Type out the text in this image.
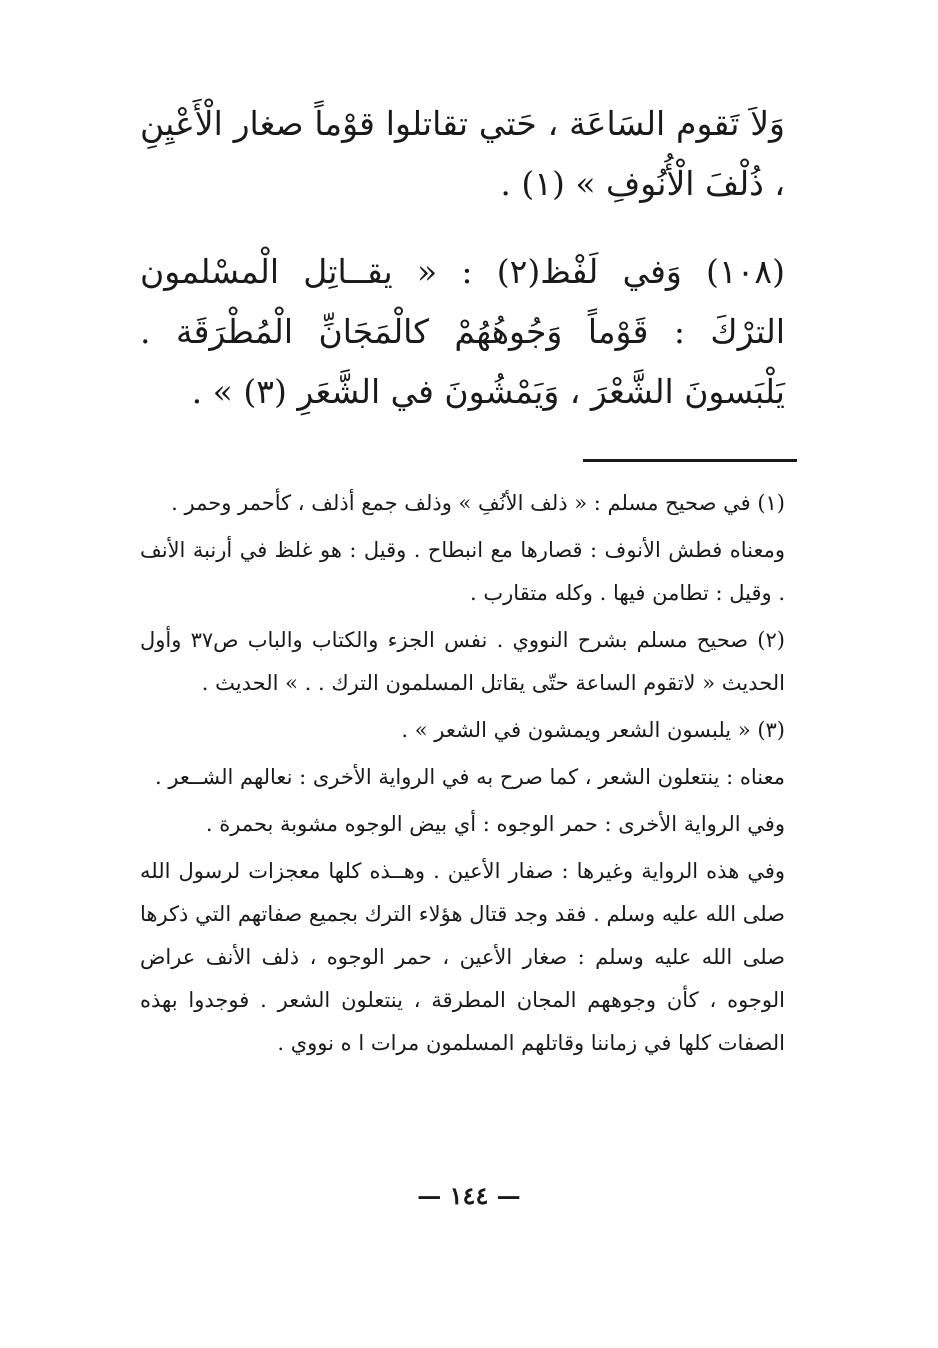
وَلاَ تَقوم السَاعَة ، حَتي تقاتلوا قوْماً صغار الْأَعْيِنِ ، ذُلْفَ الْأُنُوفِ » (١) .

(١٠٨) وَفي لَفْظ(٢) : « يقــاتِل الْمسْلمون الترْكَ : قَوْماً وَجُوهُهُمْ كالْمَجَانِّ الْمُطْرَقَة . يَلْبَسونَ الشَّعْرَ ، وَيَمْشُونَ في الشَّعَرِ (٣) » .

(١) في صحيح مسلم : « ذلف الأنُفِ » وذلف جمع أذلف ، كأحمر وحمر .

ومعناه فطش الأنوف : قصارها مع انبطاح . وقيل : هو غلظ في أرنبة الأنف . وقيل : تطامن فيها . وكله متقارب .

(٢) صحيح مسلم بشرح النووي . نفس الجزء والكتاب والباب ص٣٧ وأول الحديث « لاتقوم الساعة حتّى يقاتل المسلمون الترك . . » الحديث .

(٣) « يلبسون الشعر ويمشون في الشعر » .

معناه : ينتعلون الشعر ، كما صرح به في الرواية الأخرى : نعالهم الشــعر .

وفي الرواية الأخرى : حمر الوجوه : أي بيض الوجوه مشوبة بحمرة .

وفي هذه الرواية وغيرها : صفار الأعين . وهــذه كلها معجزات لرسول الله صلى الله عليه وسلم . فقد وجد قتال هؤلاء الترك بجميع صفاتهم التي ذكرها صلى الله عليه وسلم : صغار الأعين ، حمر الوجوه ، ذلف الأنف عراض الوجوه ، كأن وجوههم المجان المطرقة ، ينتعلون الشعر . فوجدوا بهذه الصفات كلها في زماننا وقاتلهم المسلمون مرات ا ه نووي .

— ١٤٤ —
